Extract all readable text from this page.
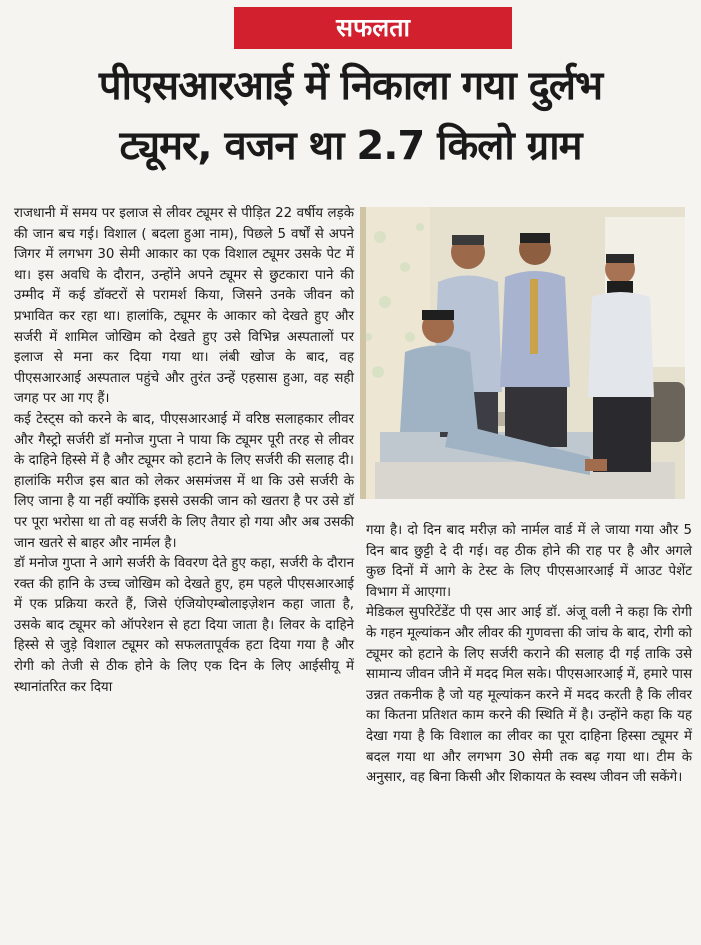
सफलता
पीएसआरआई में निकाला गया दुर्लभ
ट्यूमर, वजन था 2.7 किलो ग्राम

राजधानी में समय पर इलाज से लीवर ट्यूमर से पीड़ित 22 वर्षीय लड़के की जान बच गई। विशाल ( बदला हुआ नाम), पिछले 5 वर्षों से अपने जिगर में लगभग 30 सेमी आकार का एक विशाल ट्यूमर उसके पेट में था। इस अवधि के दौरान, उन्होंने अपने ट्यूमर से छुटकारा पाने की उम्मीद में कई डॉक्टरों से परामर्श किया, जिसने उनके जीवन को प्रभावित कर रहा था। हालांकि, ट्यूमर के आकार को देखते हुए और सर्जरी में शामिल जोखिम को देखते हुए उसे विभिन्न अस्पतालों पर इलाज से मना कर दिया गया था। लंबी खोज के बाद, वह पीएसआरआई अस्पताल पहुंचे और तुरंत उन्हें एहसास हुआ, वह सही जगह पर आ गए हैं।

कई टेस्ट्स को करने के बाद, पीएसआरआई में वरिष्ठ सलाहकार लीवर और गैस्ट्रो सर्जरी डॉ मनोज गुप्ता ने पाया कि ट्यूमर पूरी तरह से लीवर के दाहिने हिस्से में है और ट्यूमर को हटाने के लिए सर्जरी की सलाह दी। हालांकि मरीज इस बात को लेकर असमंजस में था कि उसे सर्जरी के लिए जाना है या नहीं क्योंकि इससे उसकी जान को खतरा है पर उसे डॉ पर पूरा भरोसा था तो वह सर्जरी के लिए तैयार हो गया और अब उसकी जान खतरे से बाहर और नार्मल है।

डॉ मनोज गुप्ता ने आगे सर्जरी के विवरण देते हुए कहा, सर्जरी के दौरान रक्त की हानि के उच्च जोखिम को देखते हुए, हम पहले पीएसआरआई में एक प्रक्रिया करते हैं, जिसे एंजियोएम्बोलाइज़ेशन कहा जाता है, उसके बाद ट्यूमर को ऑपरेशन से हटा दिया जाता है। लिवर के दाहिने हिस्से से जुड़े विशाल ट्यूमर को सफलतापूर्वक हटा दिया गया है और रोगी को तेजी से ठीक होने के लिए एक दिन के लिए आईसीयू में स्थानांतरित कर दिया

गया है। दो दिन बाद मरीज़ को नार्मल वार्ड में ले जाया गया और 5 दिन बाद छुट्टी दे दी गई। वह ठीक होने की राह पर है और अगले कुछ दिनों में आगे के टेस्ट के लिए पीएसआरआई में आउट पेशेंट विभाग में आएगा।

मेडिकल सुपरिटेंडेंट पी एस आर आई डॉ. अंजू वली ने कहा कि रोगी के गहन मूल्यांकन और लीवर की गुणवत्ता की जांच के बाद, रोगी को ट्यूमर को हटाने के लिए सर्जरी कराने की सलाह दी गई ताकि उसे सामान्य जीवन जीने में मदद मिल सके। पीएसआरआई में, हमारे पास उन्नत तकनीक है जो यह मूल्यांकन करने में मदद करती है कि लीवर का कितना प्रतिशत काम करने की स्थिति में है। उन्होंने कहा कि यह देखा गया है कि विशाल का लीवर का पूरा दाहिना हिस्सा ट्यूमर में बदल गया था और लगभग 30 सेमी तक बढ़ गया था। टीम के अनुसार, वह बिना किसी और शिकायत के स्वस्थ जीवन जी सकेंगे।
